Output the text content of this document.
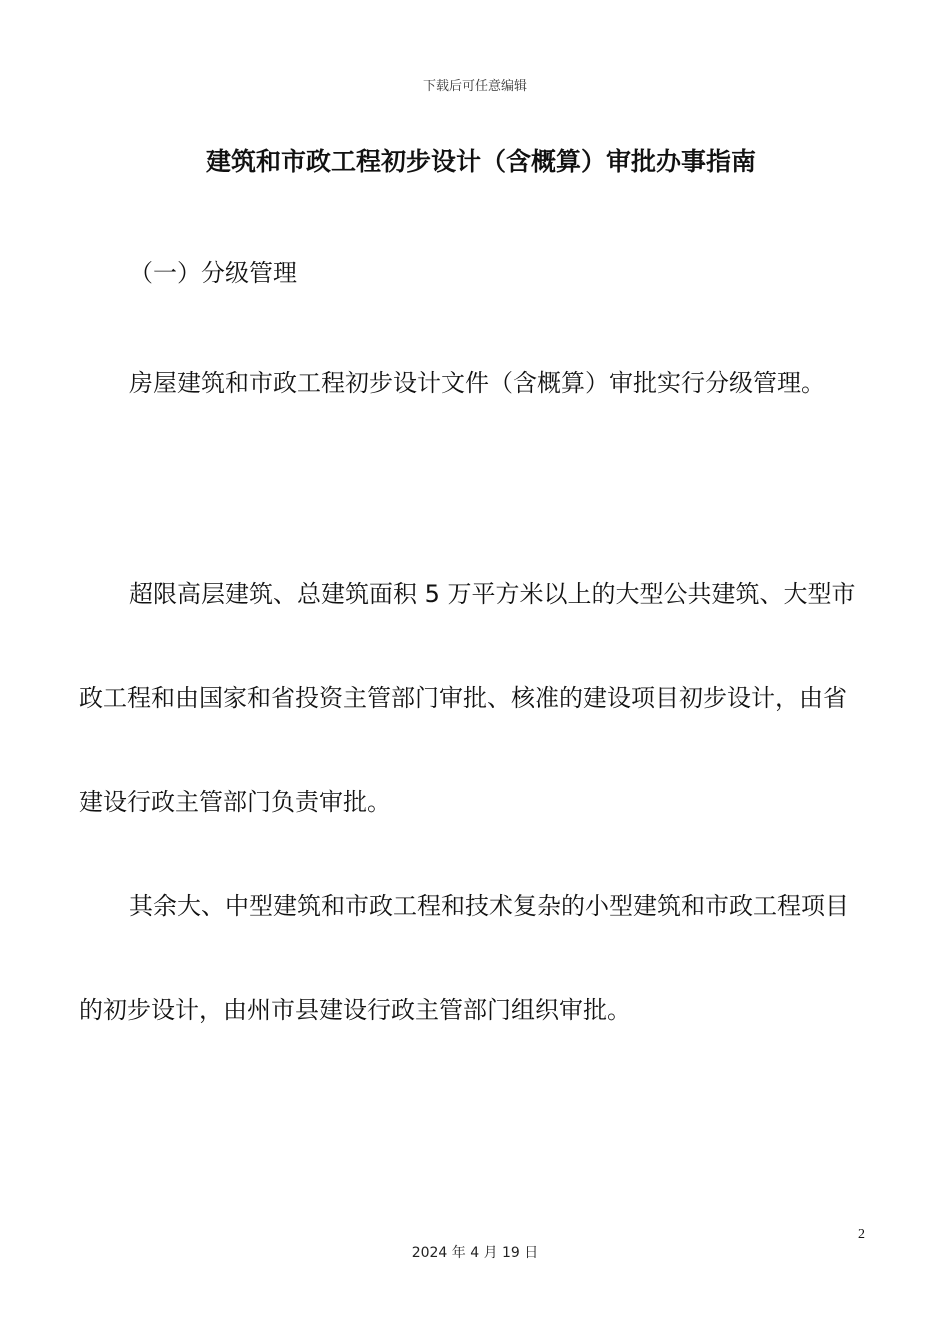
下载后可任意编辑
建筑和市政工程初步设计（含概算）审批办事指南
（一）分级管理

房屋建筑和市政工程初步设计文件（含概算）审批实行分级管理。

超限高层建筑、总建筑面积 5 万平方米以上的大型公共建筑、大型市政工程和由国家和省投资主管部门审批、核准的建设项目初步设计，由省建设行政主管部门负责审批。

其余大、中型建筑和市政工程和技术复杂的小型建筑和市政工程项目的初步设计，由州市县建设行政主管部门组织审批。

2
2024 年 4 月 19 日
